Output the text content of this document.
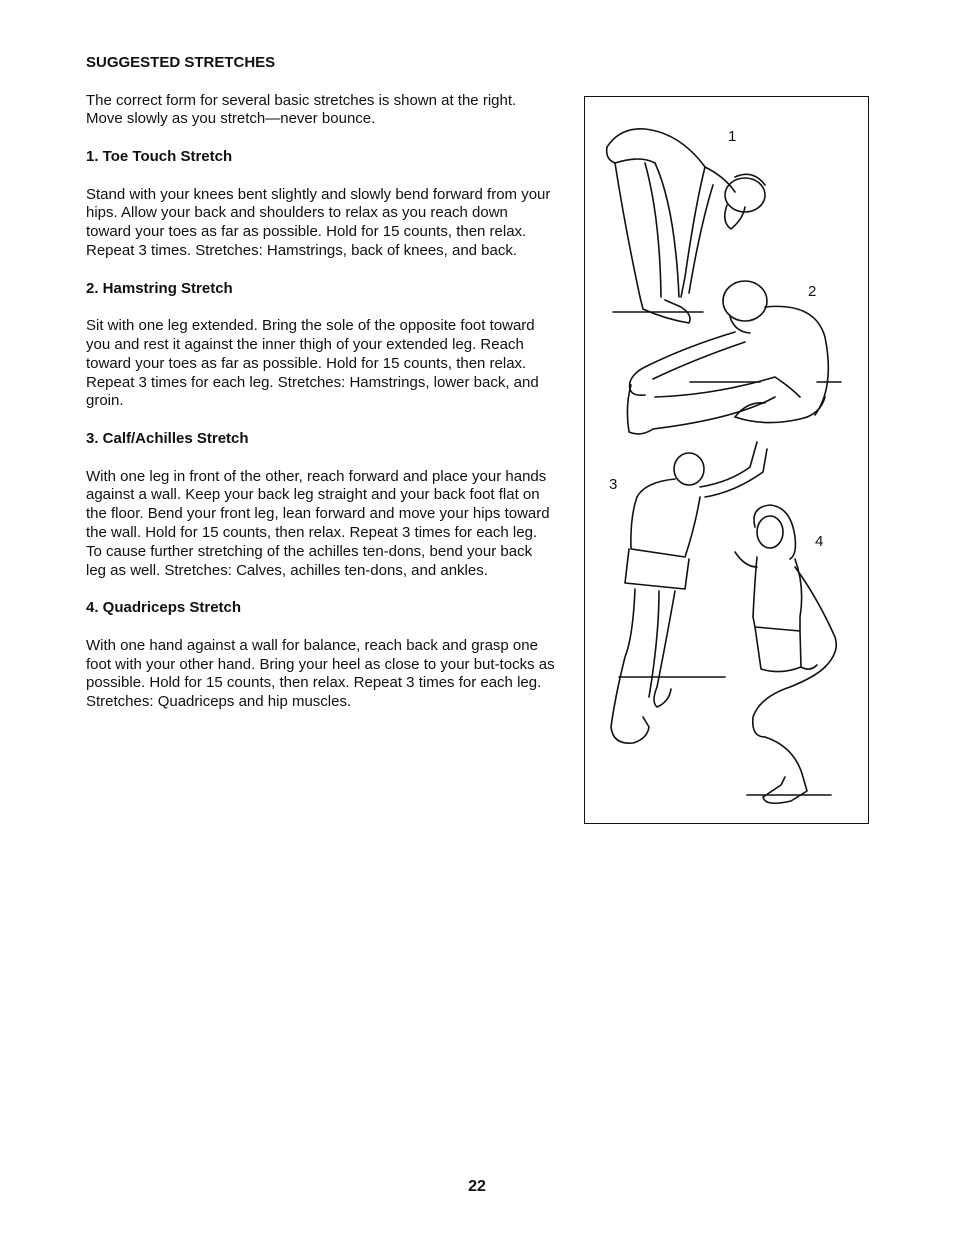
SUGGESTED STRETCHES

The correct form for several basic stretches is shown at the right. Move slowly as you stretch—never bounce.

1. Toe Touch Stretch

Stand with your knees bent slightly and slowly bend forward from your hips. Allow your back and shoulders to relax as you reach down toward your toes as far as possible. Hold for 15 counts, then relax. Repeat 3 times. Stretches: Hamstrings, back of knees, and back.

2. Hamstring Stretch

Sit with one leg extended. Bring the sole of the opposite foot toward you and rest it against the inner thigh of your extended leg. Reach toward your toes as far as possible. Hold for 15 counts, then relax. Repeat 3 times for each leg. Stretches: Hamstrings, lower back, and groin.

3. Calf/Achilles Stretch

With one leg in front of the other, reach forward and place your hands against a wall. Keep your back leg straight and your back foot flat on the floor. Bend your front leg, lean forward and move your hips toward the wall. Hold for 15 counts, then relax. Repeat 3 times for each leg. To cause further stretching of the achilles ten-dons, bend your back leg as well. Stretches: Calves, achilles ten-dons, and ankles.

4. Quadriceps Stretch

With one hand against a wall for balance, reach back and grasp one foot with your other hand. Bring your heel as close to your but-tocks as possible. Hold for 15 counts, then relax. Repeat 3 times for each leg. Stretches: Quadriceps and hip muscles.

1
2
3
4
22
